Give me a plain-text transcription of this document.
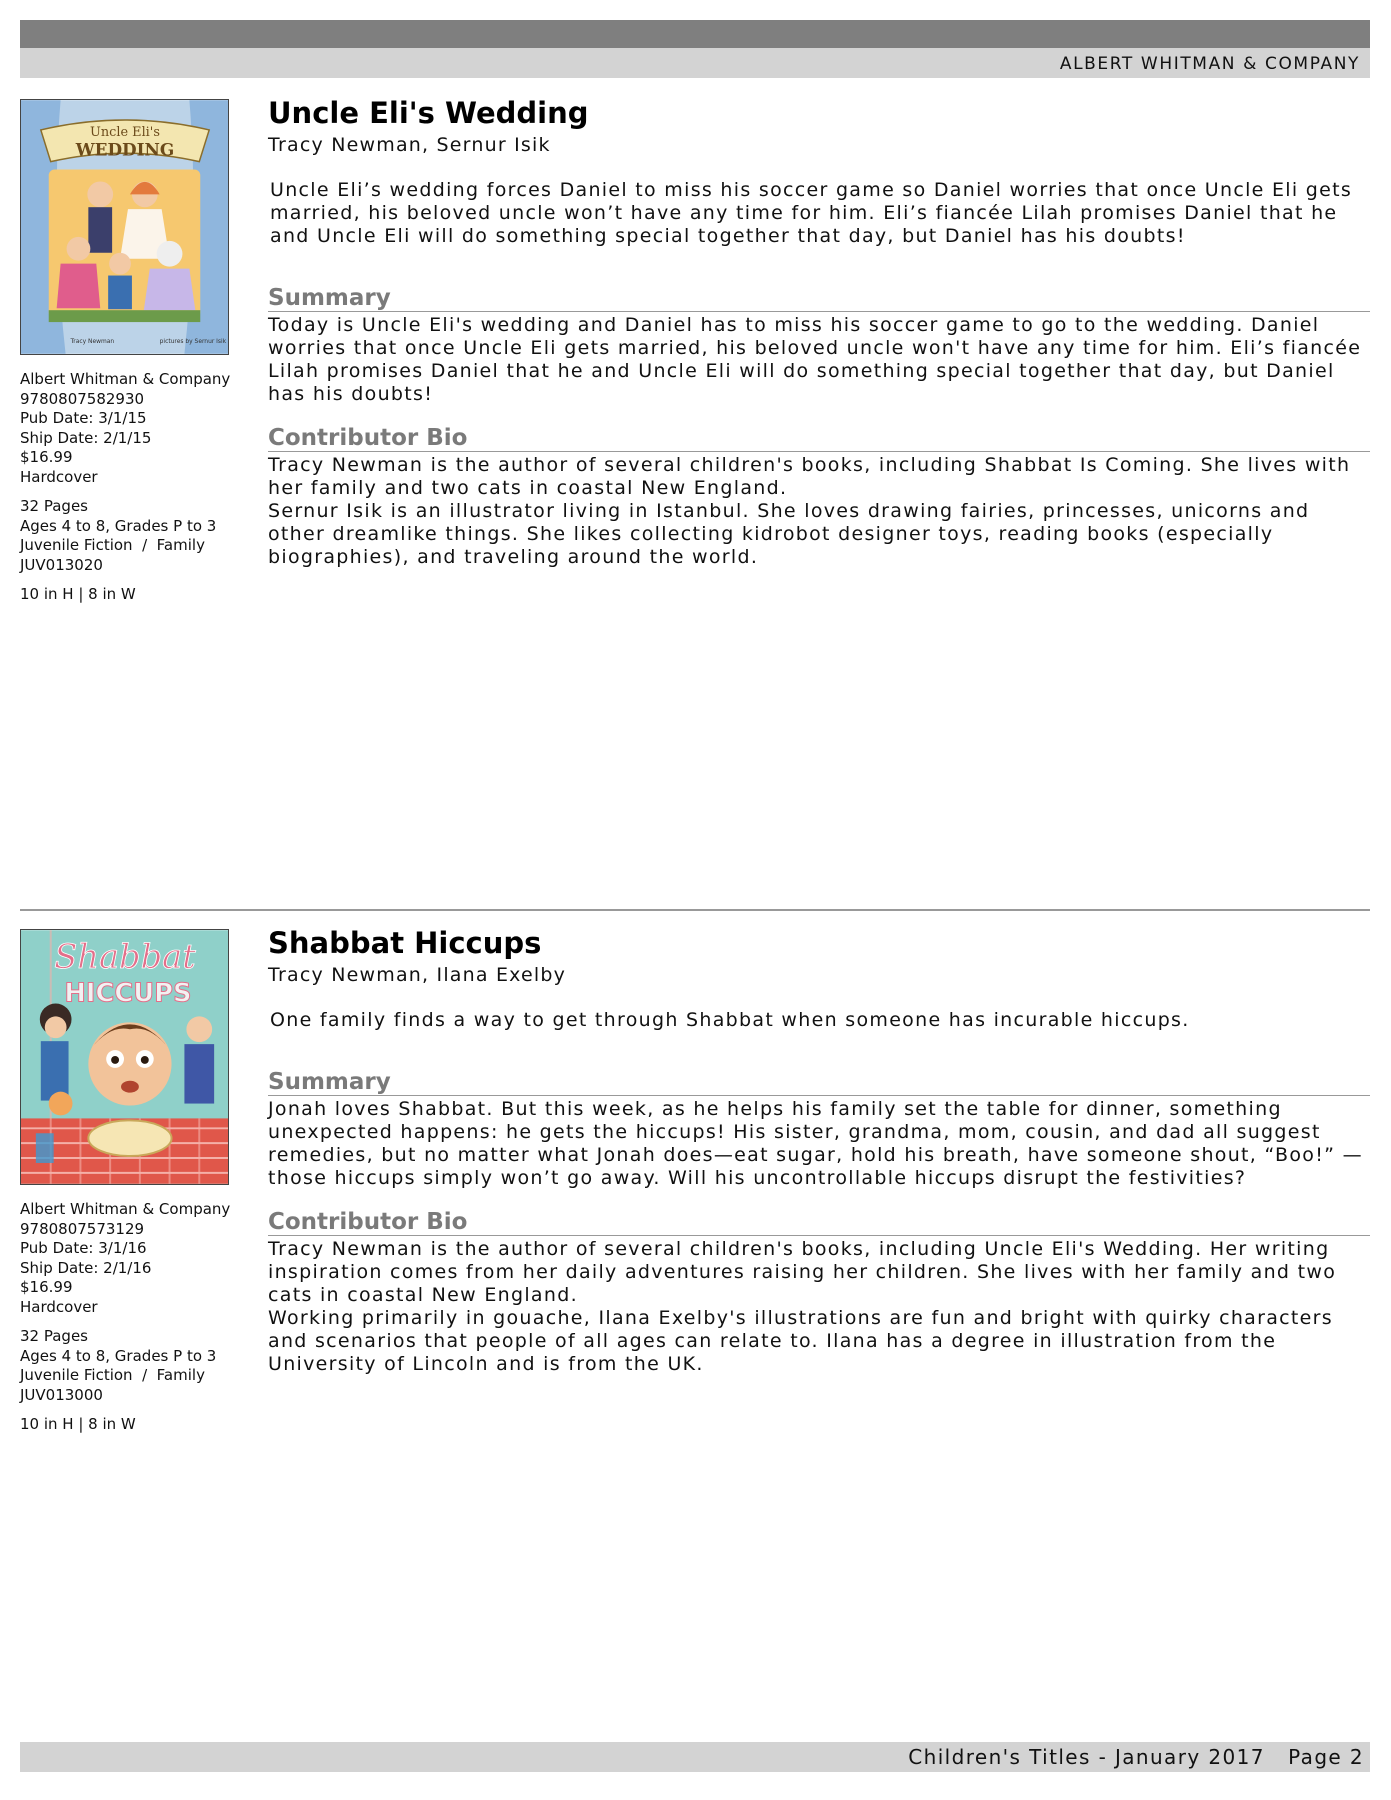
ALBERT WHITMAN & COMPANY
Uncle Eli's
WEDDING
Tracy Newman	pictures by Sernur Isik
Albert Whitman & Company
9780807582930
Pub Date: 3/1/15
Ship Date: 2/1/15
$16.99
Hardcover
32 Pages
Ages 4 to 8, Grades P to 3
Juvenile Fiction  /  Family
JUV013020
10 in H | 8 in W
Uncle Eli's Wedding
Tracy Newman, Sernur Isik
Uncle Eli’s wedding forces Daniel to miss his soccer game so Daniel worries that once Uncle Eli gets married, his beloved uncle won’t have any time for him. Eli’s fiancée Lilah promises Daniel that he and Uncle Eli will do something special together that day, but Daniel has his doubts!
Summary
Today is Uncle Eli's wedding and Daniel has to miss his soccer game to go to the wedding. Daniel worries that once Uncle Eli gets married, his beloved uncle won't have any time for him. Eli’s fiancée Lilah promises Daniel that he and Uncle Eli will do something special together that day, but Daniel has his doubts!
Contributor Bio
Tracy Newman is the author of several children's books, including Shabbat Is Coming. She lives with her family and two cats in coastal New England.
Sernur Isik is an illustrator living in Istanbul. She loves drawing fairies, princesses, unicorns and other dreamlike things. She likes collecting kidrobot designer toys, reading books (especially biographies), and traveling around the world.
Shabbat
HICCUPS
Albert Whitman & Company
9780807573129
Pub Date: 3/1/16
Ship Date: 2/1/16
$16.99
Hardcover
32 Pages
Ages 4 to 8, Grades P to 3
Juvenile Fiction  /  Family
JUV013000
10 in H | 8 in W
Shabbat Hiccups
Tracy Newman, Ilana Exelby
One family finds a way to get through Shabbat when someone has incurable hiccups.
Summary
Jonah loves Shabbat. But this week, as he helps his family set the table for dinner, something unexpected happens: he gets the hiccups! His sister, grandma, mom, cousin, and dad all suggest remedies, but no matter what Jonah does—eat sugar, hold his breath, have someone shout, “Boo!” —those hiccups simply won’t go away. Will his uncontrollable hiccups disrupt the festivities?
Contributor Bio
Tracy Newman is the author of several children's books, including Uncle Eli's Wedding. Her writing inspiration comes from her daily adventures raising her children. She lives with her family and two cats in coastal New England.
Working primarily in gouache, Ilana Exelby's illustrations are fun and bright with quirky characters and scenarios that people of all ages can relate to. Ilana has a degree in illustration from the University of Lincoln and is from the UK.
Children's Titles - January 2017   Page 2
